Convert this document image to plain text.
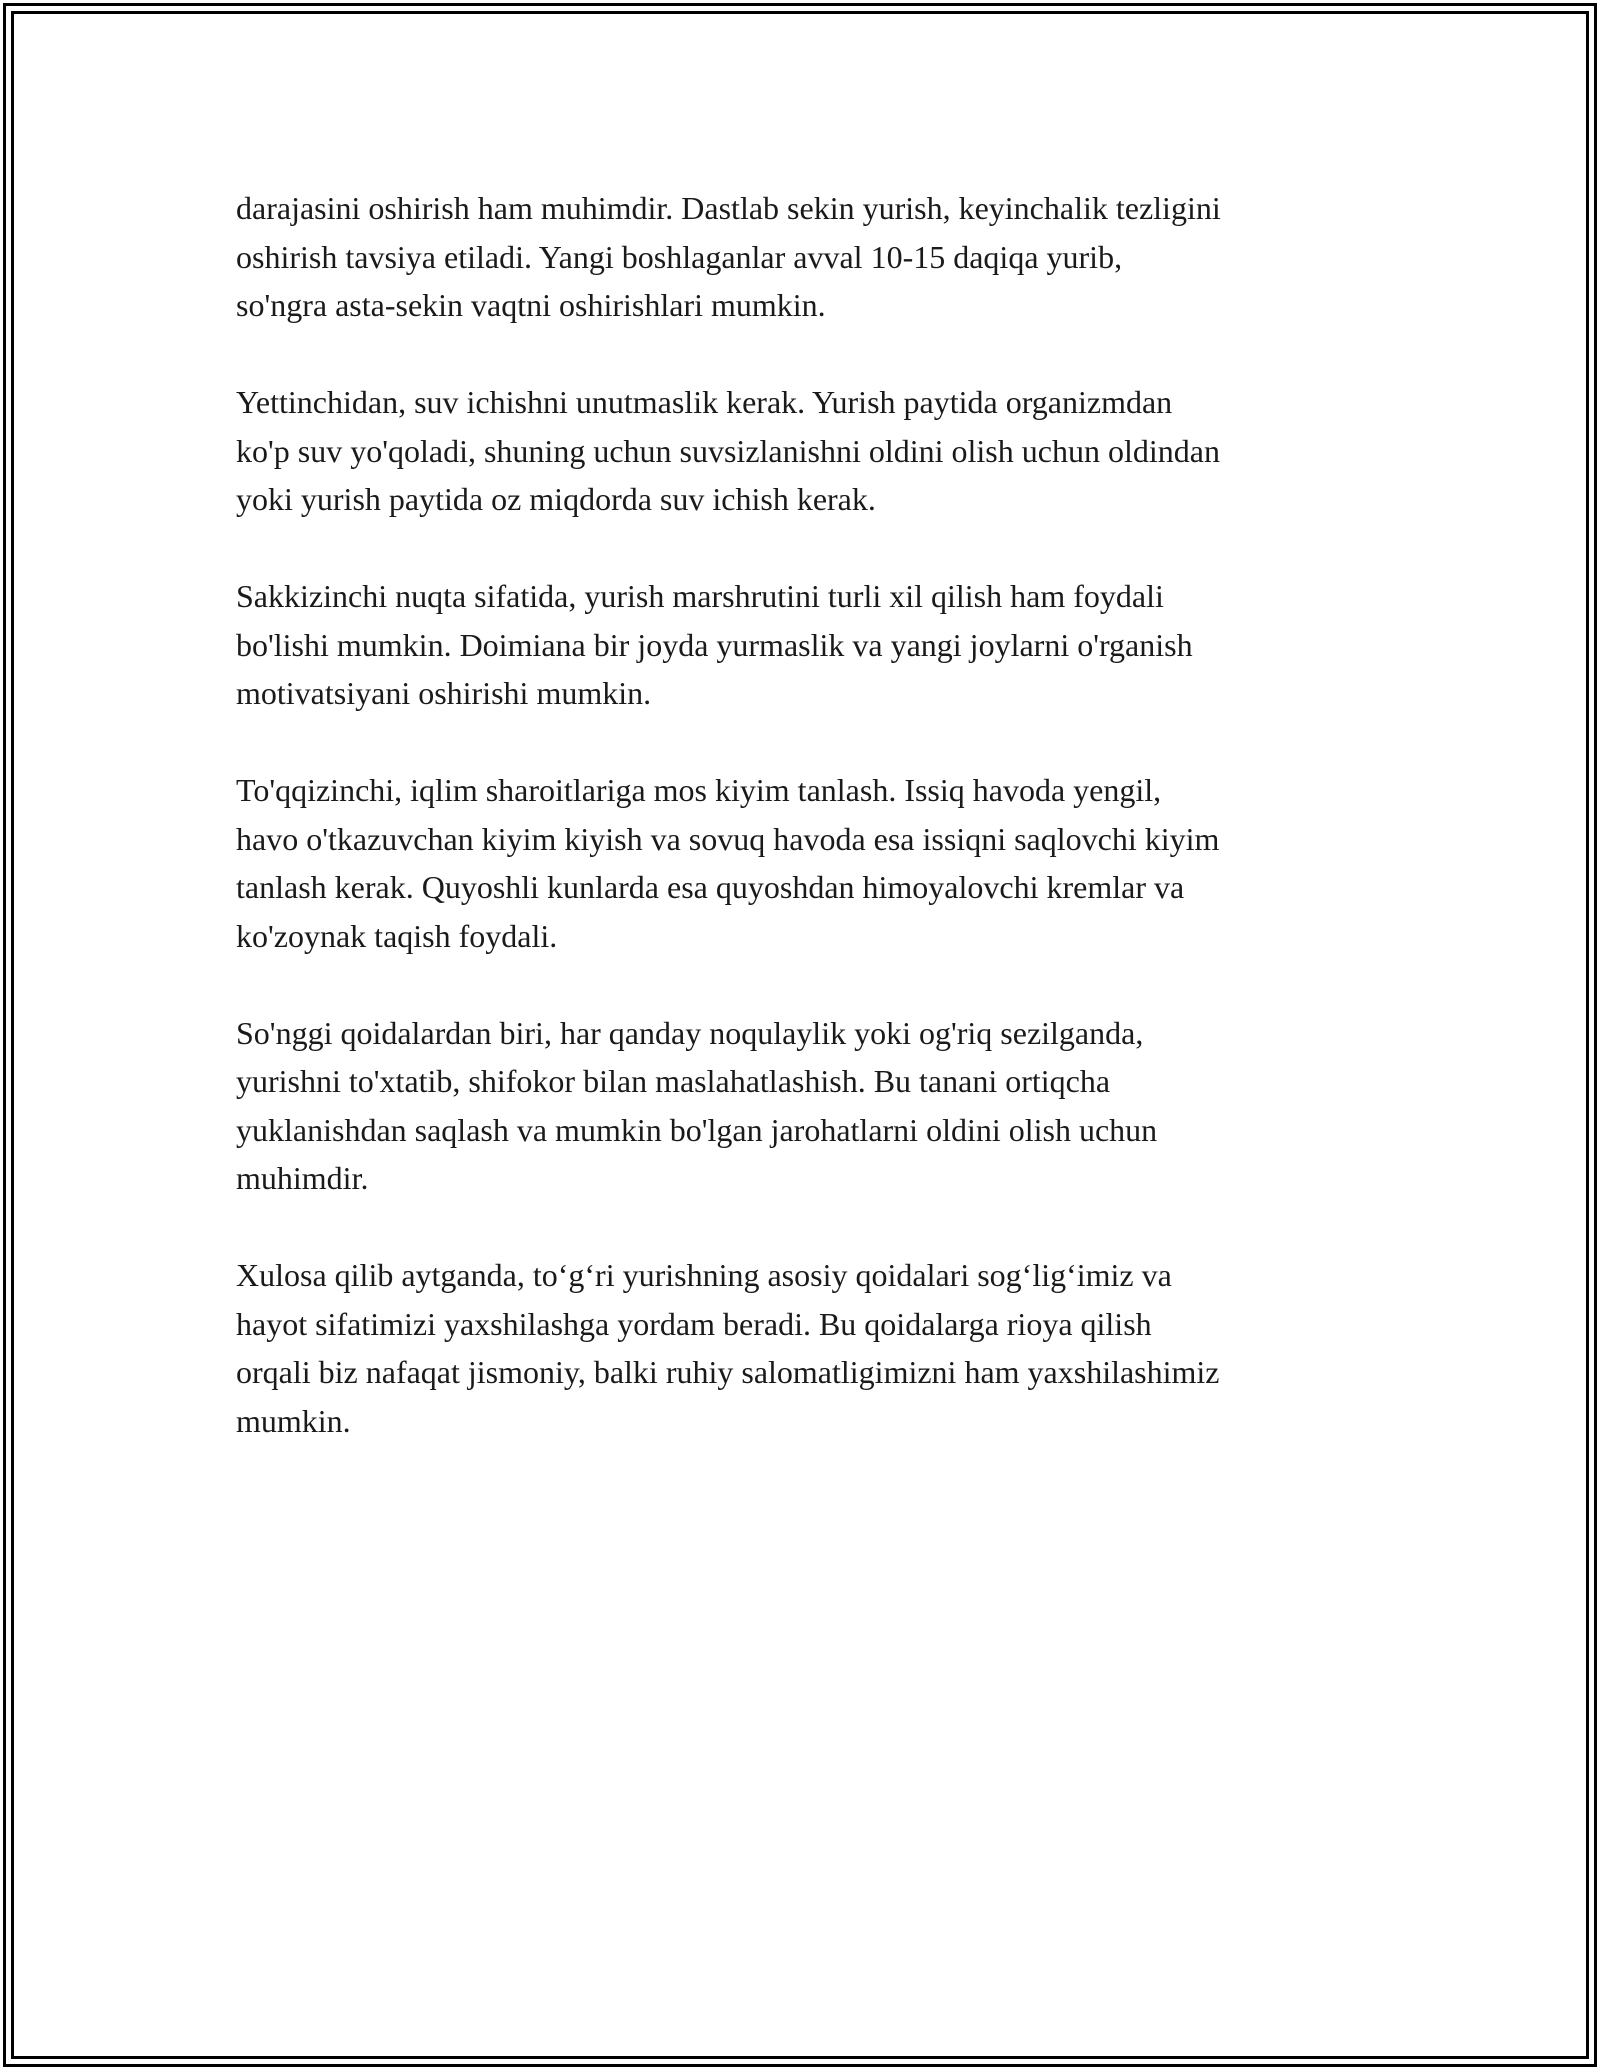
darajasini oshirish ham muhimdir. Dastlab sekin yurish, keyinchalik tezligini
oshirish tavsiya etiladi. Yangi boshlaganlar avval 10-15 daqiqa yurib,
so'ngra asta-sekin vaqtni oshirishlari mumkin.

Yettinchidan, suv ichishni unutmaslik kerak. Yurish paytida organizmdan
ko'p suv yo'qoladi, shuning uchun suvsizlanishni oldini olish uchun oldindan
yoki yurish paytida oz miqdorda suv ichish kerak.

Sakkizinchi nuqta sifatida, yurish marshrutini turli xil qilish ham foydali
bo'lishi mumkin. Doimiana bir joyda yurmaslik va yangi joylarni o'rganish
motivatsiyani oshirishi mumkin.

To'qqizinchi, iqlim sharoitlariga mos kiyim tanlash. Issiq havoda yengil,
havo o'tkazuvchan kiyim kiyish va sovuq havoda esa issiqni saqlovchi kiyim
tanlash kerak. Quyoshli kunlarda esa quyoshdan himoyalovchi kremlar va
ko'zoynak taqish foydali.

So'nggi qoidalardan biri, har qanday noqulaylik yoki og'riq sezilganda,
yurishni to'xtatib, shifokor bilan maslahatlashish. Bu tanani ortiqcha
yuklanishdan saqlash va mumkin bo'lgan jarohatlarni oldini olish uchun
muhimdir.

Xulosa qilib aytganda, to‘g‘ri yurishning asosiy qoidalari sog‘lig‘imiz va
hayot sifatimizi yaxshilashga yordam beradi. Bu qoidalarga rioya qilish
orqali biz nafaqat jismoniy, balki ruhiy salomatligimizni ham yaxshilashimiz
mumkin.
